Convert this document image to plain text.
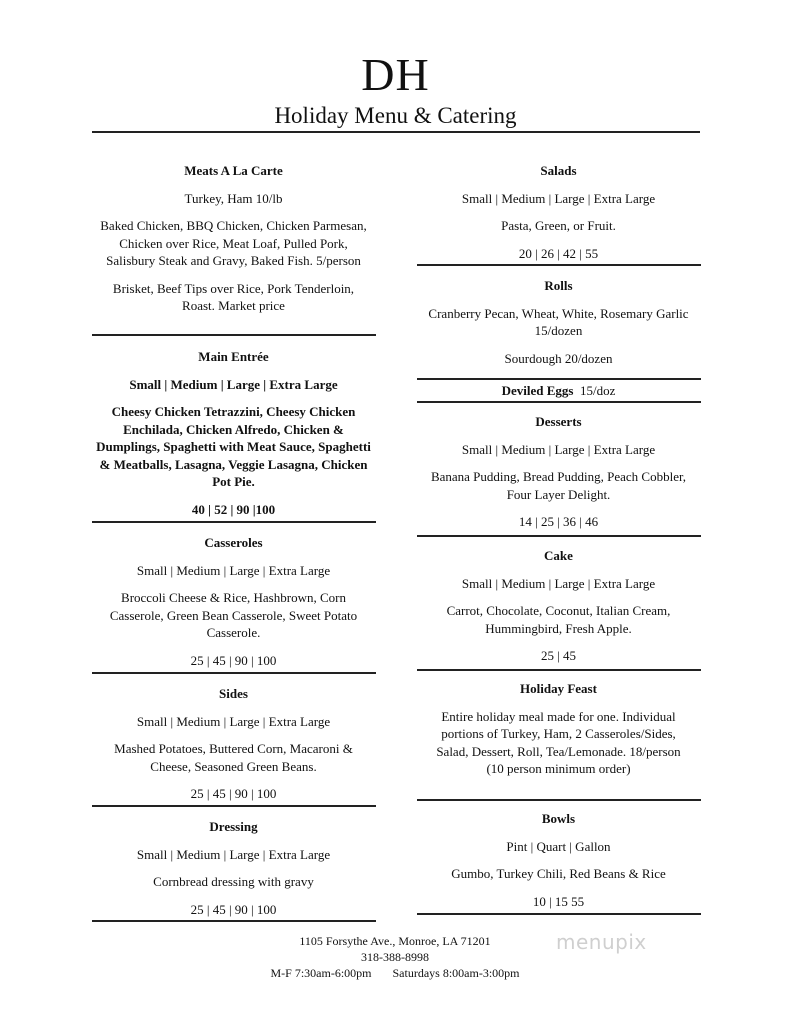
DH
Holiday Menu & Catering
Meats A La Carte

Turkey, Ham 10/lb

Baked Chicken, BBQ Chicken, Chicken Parmesan, Chicken over Rice, Meat Loaf, Pulled Pork, Salisbury Steak and Gravy, Baked Fish. 5/person

Brisket, Beef Tips over Rice, Pork Tenderloin, Roast. Market price

Main Entrée

Small | Medium | Large | Extra Large

Cheesy Chicken Tetrazzini, Cheesy Chicken Enchilada, Chicken Alfredo, Chicken & Dumplings, Spaghetti with Meat Sauce, Spaghetti & Meatballs, Lasagna, Veggie Lasagna, Chicken Pot Pie.

40 | 52 | 90 |100

Casseroles

Small | Medium | Large | Extra Large

Broccoli Cheese & Rice, Hashbrown, Corn Casserole, Green Bean Casserole, Sweet Potato Casserole.

25 | 45 | 90 | 100

Sides

Small | Medium | Large | Extra Large

Mashed Potatoes, Buttered Corn, Macaroni & Cheese, Seasoned Green Beans.

25 | 45 | 90 | 100

Dressing

Small | Medium | Large | Extra Large

Cornbread dressing with gravy

25 | 45 | 90 | 100

Salads

Small | Medium | Large | Extra Large

Pasta, Green, or Fruit.

20 | 26 | 42 | 55

Rolls

Cranberry Pecan, Wheat, White, Rosemary Garlic 15/dozen

Sourdough 20/dozen

Deviled Eggs 15/doz
Desserts

Small | Medium | Large | Extra Large

Banana Pudding, Bread Pudding, Peach Cobbler, Four Layer Delight.

14 | 25 | 36 | 46

Cake

Small | Medium | Large | Extra Large

Carrot, Chocolate, Coconut, Italian Cream, Hummingbird, Fresh Apple.

25 | 45

Holiday Feast

Entire holiday meal made for one. Individual portions of Turkey, Ham, 2 Casseroles/Sides, Salad, Dessert, Roll, Tea/Lemonade. 18/person (10 person minimum order)

Bowls

Pint | Quart | Gallon

Gumbo, Turkey Chili, Red Beans & Rice

10 | 15 55

1105 Forsythe Ave., Monroe, LA 71201
318-388-8998
M-F 7:30am-6:00pm Saturdays 8:00am-3:00pm
menupix
